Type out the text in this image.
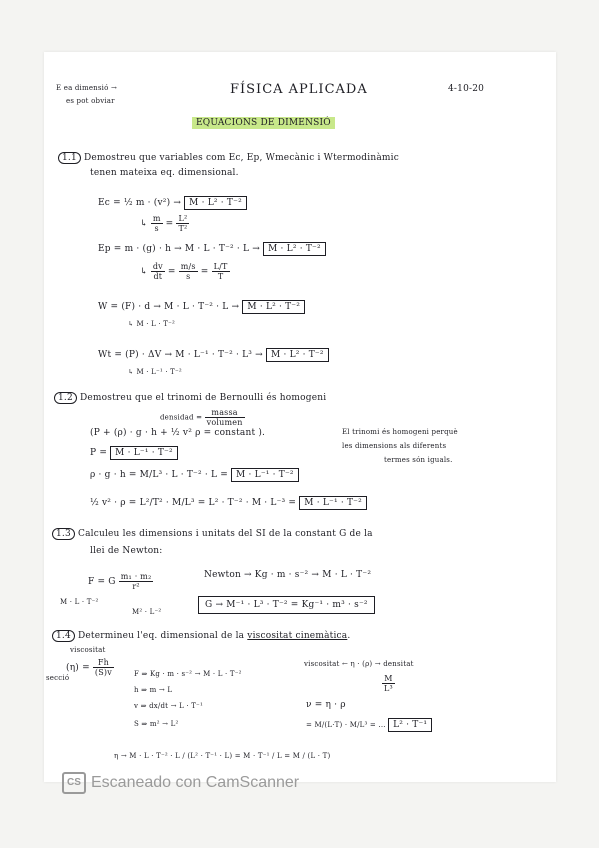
E ea dimensió →
es pot obviar
FÍSICA APLICADA	4-10-20
EQUACIONS DE DIMENSIÓ
1.1 Demostreu que variables com Ec, Ep, Wmecànic i Wtermodinàmic
tenen mateixa eq. dimensional.
Ec = ½ m · (v²) → M · L² · T⁻²
↳ $\frac{m}{s} = \frac{\text{L²}}{\text{T²}}$
Ep = m · (g) · h → M · L · T⁻² · L → M · L² · T⁻²
↳ $\frac{dv}{dt} = \frac{m/s}{s} = \frac{L/T}{T}$
W = (F) · d → M · L · T⁻² · L → M · L² · T⁻²
↳ M · L · T⁻²
Wt = (P) · ΔV → M · L⁻¹ · T⁻² · L³ → M · L² · T⁻²
↳ M · L⁻¹ · T⁻²
1.2 Demostreu que el trinomi de Bernoulli és homogeni
densidad = $\frac{\text{massa}}{\text{volumen}}$
(P + (ρ) · g · h + ½ v² ρ = constant ).	El trinomi és homogeni perquè
les dimensions als diferents
termes són iguals.
P = M · L⁻¹ · T⁻²
ρ · g · h = M/L³ · L · T⁻² · L = M · L⁻¹ · T⁻²
½ v² · ρ = L²/T² · M/L³ = L² · T⁻² · M · L⁻³ = M · L⁻¹ · T⁻²
1.3 Calculeu les dimensions i unitats del SI de la constant G de la
llei de Newton:
F = G $\frac{\text{m₁ · m₂}}{\text{r²}}$
M · L · T⁻²
M² · L⁻²
Newton → Kg · m · s⁻² → M · L · T⁻²
G → M⁻¹ · L³ · T⁻² = Kg⁻¹ · m³ · s⁻²
1.4 Determineu l'eq. dimensional de la viscositat cinemàtica.
viscositat
$(\eta) = \frac{Fh}{(S)v}$
secció
viscositat ← η · (ρ) → densitat
$\frac{M}{\text{L³}}$
F ⇒ Kg · m · s⁻² → M · L · T⁻²
h ⇒ m → L
v ⇒ dx/dt → L · T⁻¹
S ⇒ m² → L²
ν = η · ρ
= M/(L·T) · M/L³ = ... L² · T⁻¹
η → M · L · T⁻² · L / (L² · T⁻¹ · L) = M · T⁻¹ / L = M / (L · T)
CS Escaneado con CamScanner
